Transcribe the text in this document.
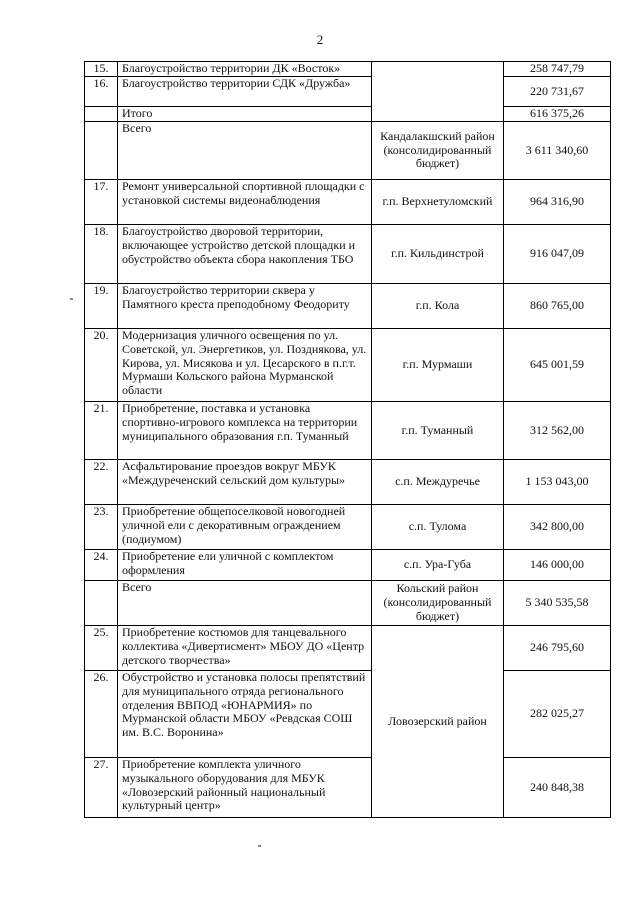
2
15.	Благоустройство территории ДК «Восток»		258 747,79
16.	Благоустройство территории СДК «Дружба»		220 731,67
	Итого		616 375,26
	Всего	Кандалакшский район (консолидированный бюджет)	3 611 340,60
17.	Ремонт универсальной спортивной площадки с установкой системы видеонаблюдения	г.п. Верхнетуломский	964 316,90
18.	Благоустройство дворовой территории, включающее устройство детской площадки и обустройство объекта сбора накопления ТБО	г.п. Кильдинстрой	916 047,09
19.	Благоустройство территории сквера у Памятного креста преподобному Феодориту	г.п. Кола	860 765,00
20.	Модернизация уличного освещения по ул. Советской, ул. Энергетиков, ул. Позднякова, ул. Кирова, ул. Мисякова и ул. Цесарского в п.г.т. Мурмаши Кольского района Мурманской области	г.п. Мурмаши	645 001,59
21.	Приобретение, поставка и установка спортивно-игрового комплекса на территории муниципального образования г.п. Туманный	г.п. Туманный	312 562,00
22.	Асфальтирование проездов вокруг МБУК «Междуреченский сельский дом культуры»	с.п. Междуречье	1 153 043,00
23.	Приобретение общепоселковой новогодней уличной ели с декоративным ограждением (подиумом)	с.п. Тулома	342 800,00
24.	Приобретение ели уличной с комплектом оформления	с.п. Ура-Губа	146 000,00
	Всего	Кольский район (консолидированный бюджет)	5 340 535,58
25.	Приобретение костюмов для танцевального коллектива «Дивертисмент» МБОУ ДО «Центр детского творчества»	Ловозерский район	246 795,60
26.	Обустройство и установка полосы препятствий для муниципального отряда регионального отделения ВВПОД «ЮНАРМИЯ» по Мурманской области МБОУ «Ревдская СОШ им. В.С. Воронина»		282 025,27
27.	Приобретение комплекта уличного музыкального оборудования для МБУК «Ловозерский районный национальный культурный центр»		240 848,38
